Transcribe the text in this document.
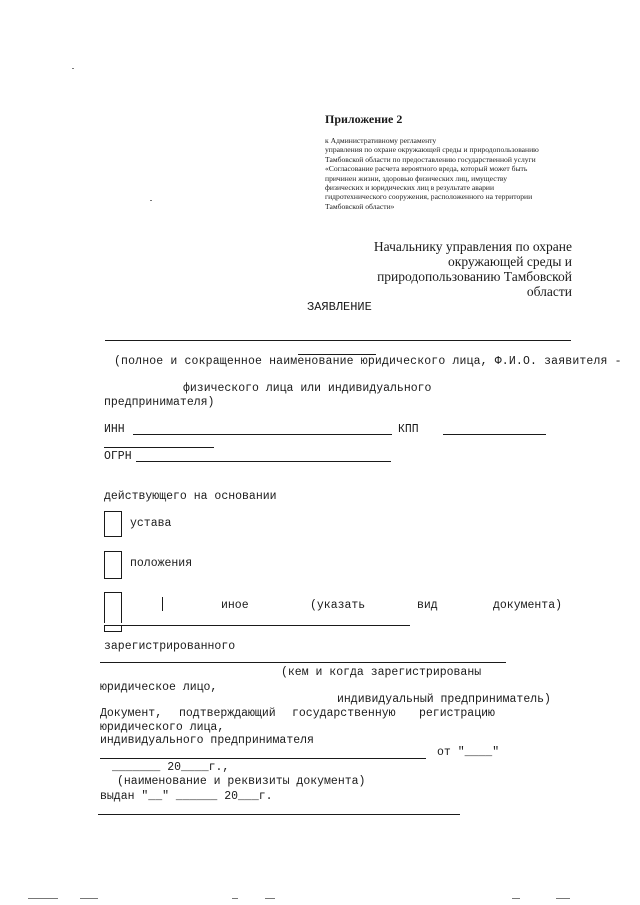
Приложение 2
к Административному регламенту
управления по охране окружающей среды и природопользованию
Тамбовской области по предоставлению государственной услуги
«Согласование расчета вероятного вреда, который может быть
причинен жизни, здоровью физических лиц, имуществу
физических и юридических лиц в результате аварии
гидротехнического сооружения, расположенного на территории
Тамбовской области»
Начальнику управления по охране
окружающей среды и
природопользованию Тамбовской
области
ЗАЯВЛЕНИЕ
(полное и сокращенное наименование юридического лица, Ф.И.О. заявителя -
физического лица или индивидуального
предпринимателя)
ИНН	КПП
ОГРН
действующего на основании
устава
положения
иное	(указать	вид	документа)
зарегистрированного
(кем и когда зарегистрированы
юридическое лицо,
индивидуальный предприниматель)
Документ, подтверждающий государственную регистрацию
юридического лица,
индивидуального предпринимателя
от "____"
_______ 20____г.,
(наименование и реквизиты документа)
выдан "__" ______ 20___г.
